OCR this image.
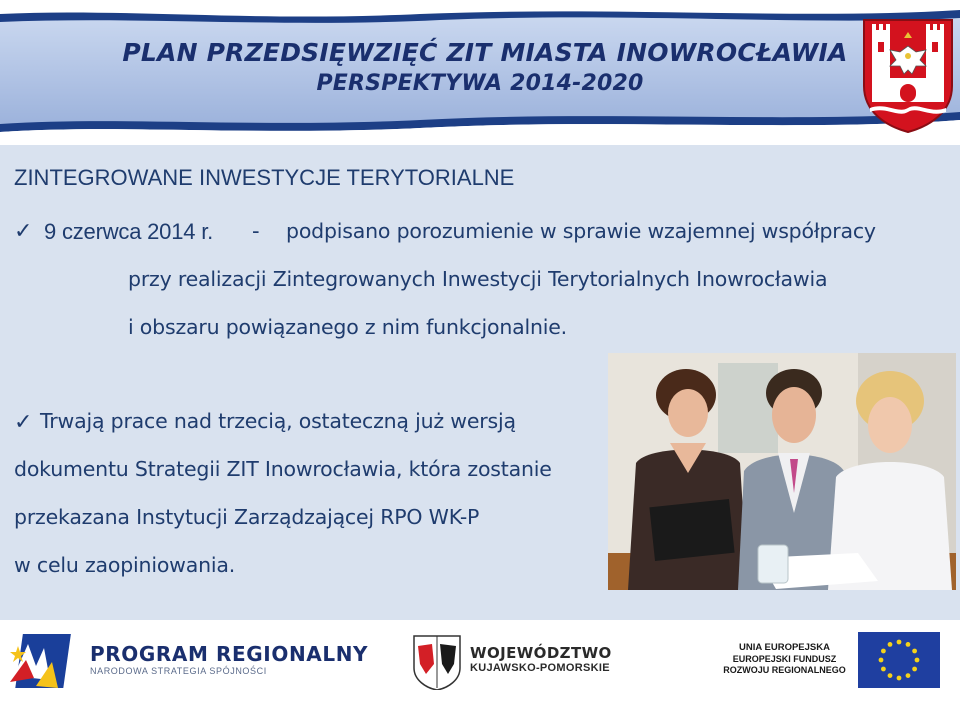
PLAN PRZEDSIĘWZIĘĆ ZIT MIASTA INOWROCŁAWIA
PERSPEKTYWA 2014-2020
ZINTEGROWANE INWESTYCJE TERYTORIALNE
✓ 9 czerwca 2014 r. - podpisano porozumienie w sprawie wzajemnej współpracy
przy realizacji Zintegrowanych Inwestycji Terytorialnych Inowrocławia
i obszaru powiązanego z nim funkcjonalnie.
✓ Trwają prace nad trzecią, ostateczną już wersją
dokumentu Strategii ZIT Inowrocławia, która zostanie
przekazana Instytucji Zarządzającej RPO WK-P
w celu zaopiniowania.
PROGRAM REGIONALNY
NARODOWA STRATEGIA SPÓJNOŚCI
WOJEWÓDZTWO
KUJAWSKO-POMORSKIE
UNIA EUROPEJSKA
EUROPEJSKI FUNDUSZ
ROZWOJU REGIONALNEGO
